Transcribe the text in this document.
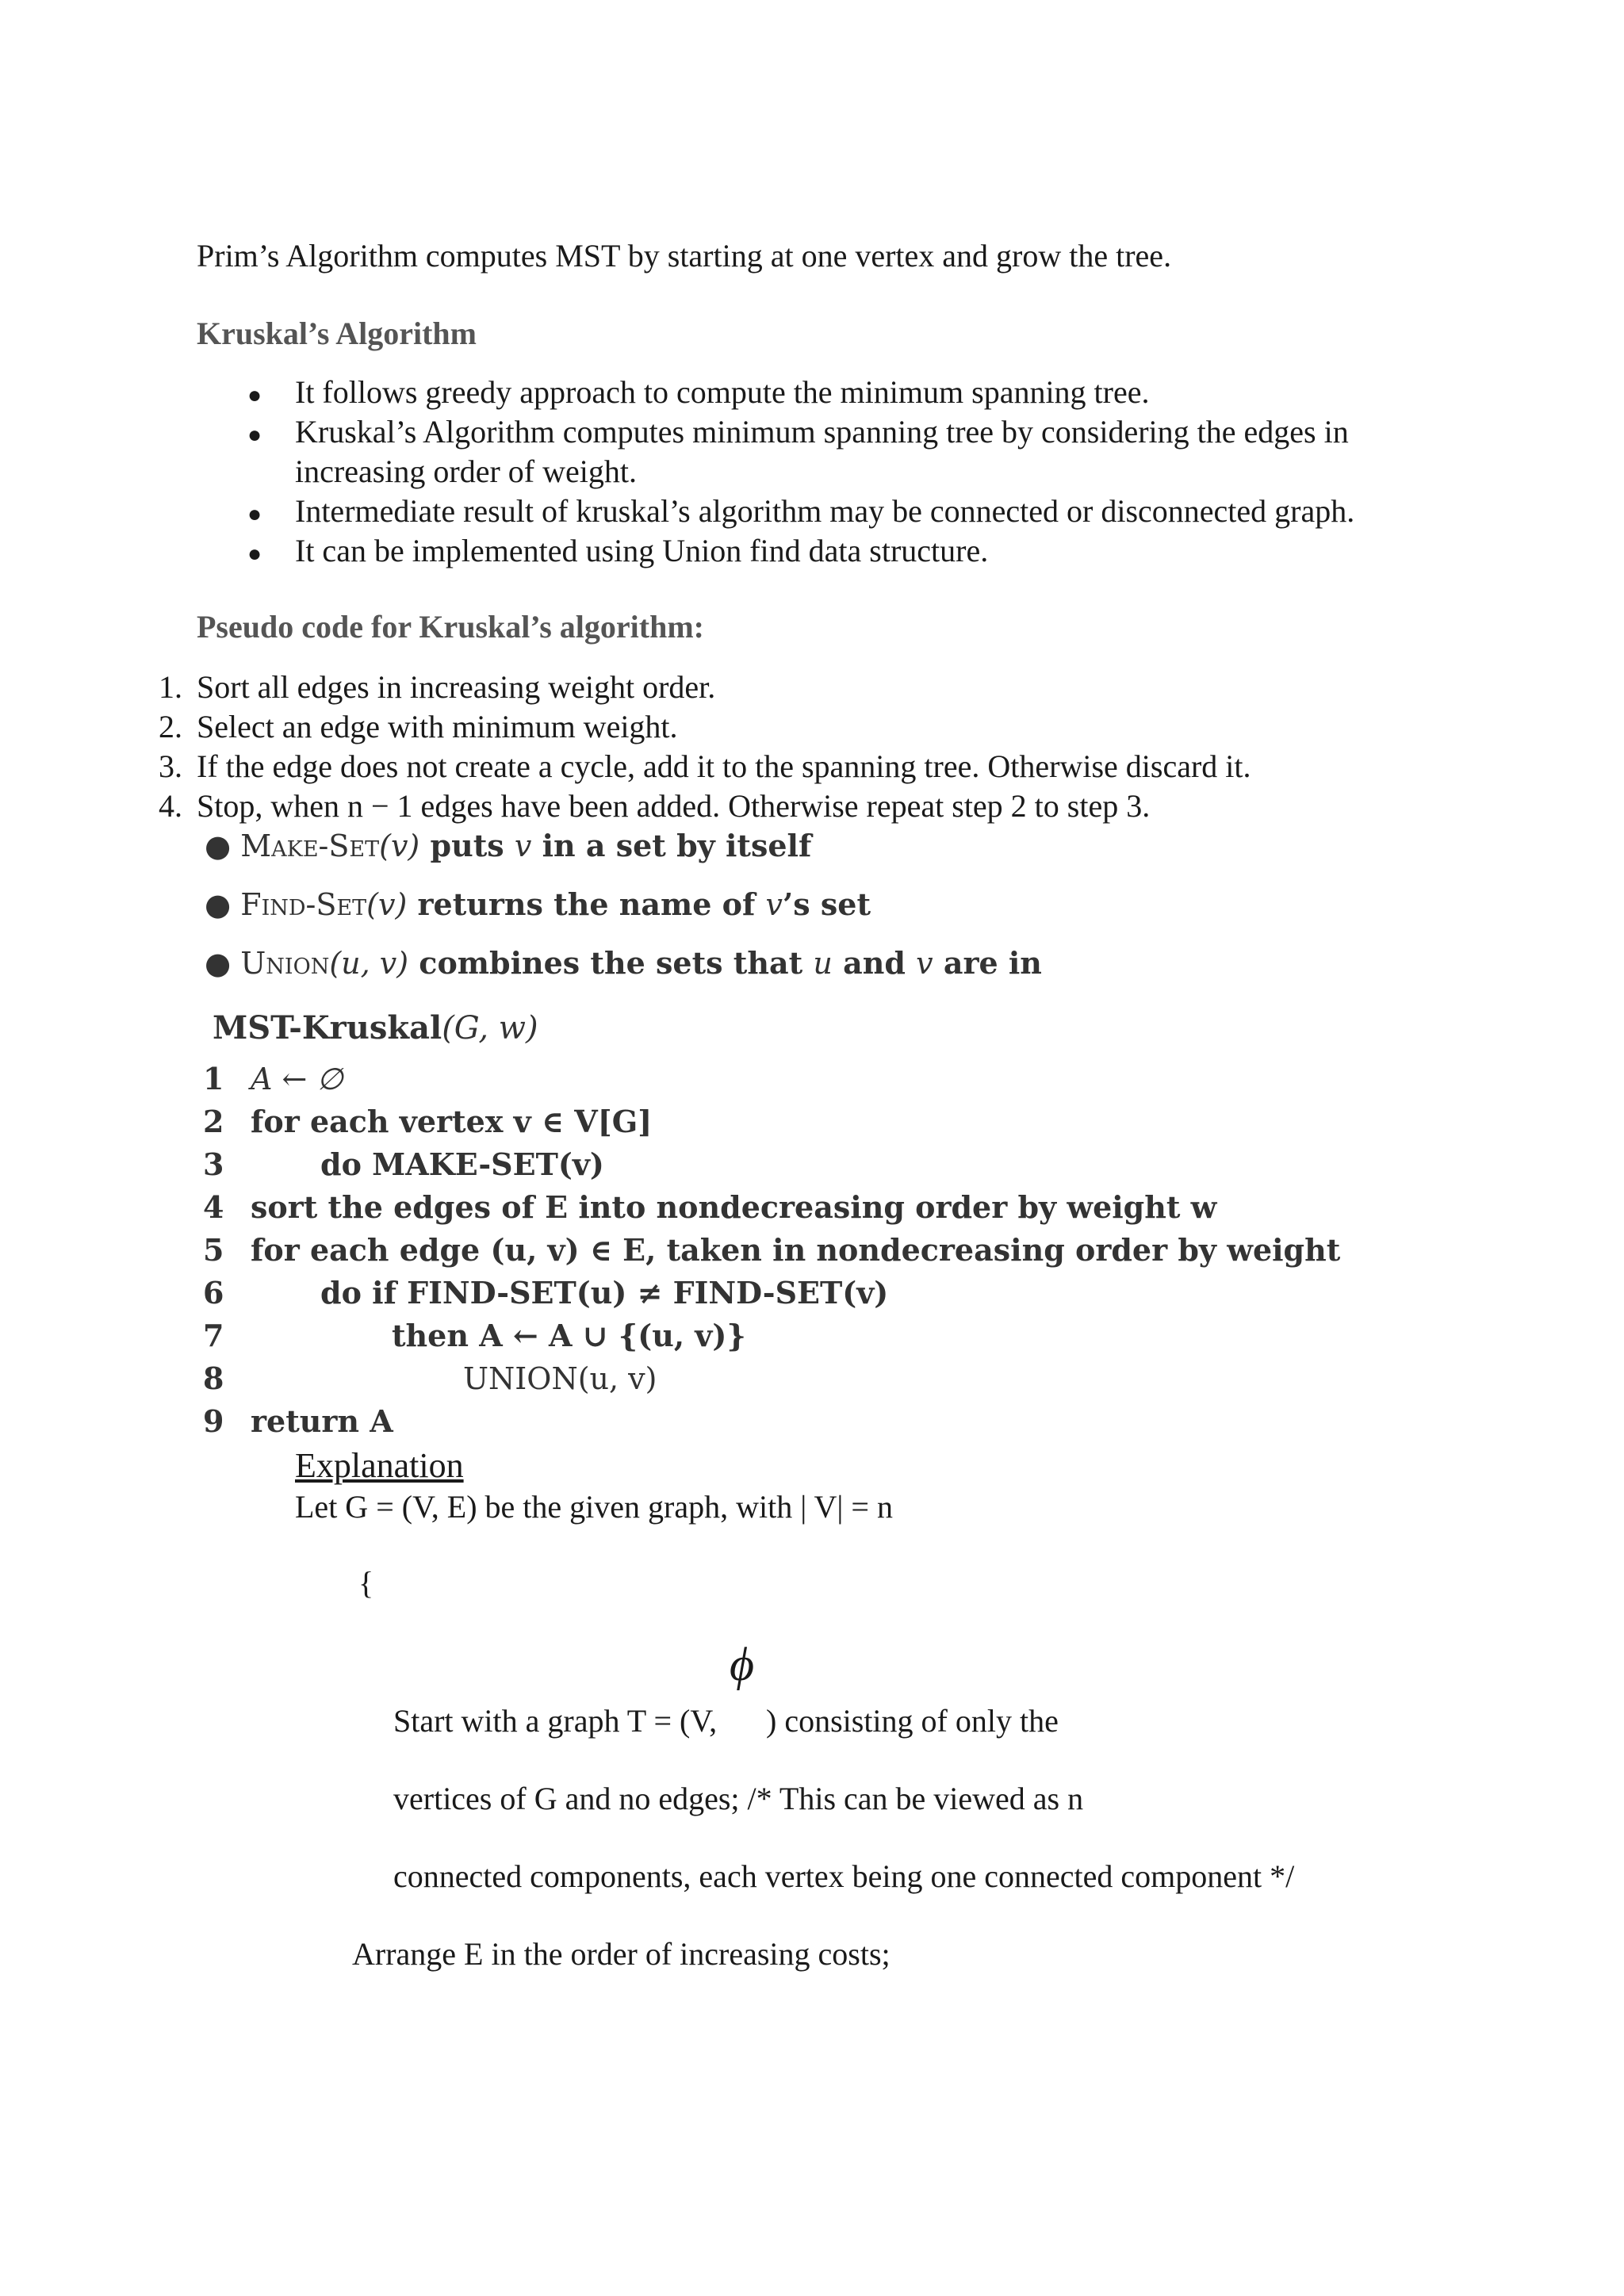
Prim’s Algorithm computes MST by starting at one vertex and grow the tree.
Kruskal’s Algorithm
● It follows greedy approach to compute the minimum spanning tree.
● Kruskal’s Algorithm computes minimum spanning tree by considering the edges in
increasing order of weight.
● Intermediate result of kruskal’s algorithm may be connected or disconnected graph.
● It can be implemented using Union find data structure.
Pseudo code for Kruskal’s algorithm:
1. Sort all edges in increasing weight order.
2. Select an edge with minimum weight.
3. If the edge does not create a cycle, add it to the spanning tree. Otherwise discard it.
4. Stop, when n − 1 edges have been added. Otherwise repeat step 2 to step 3.
● Make-Set(v) puts v in a set by itself
● Find-Set(v) returns the name of v’s set
● Union(u, v) combines the sets that u and v are in
MST-Kruskal(G, w)
1 A ← ∅
2 for each vertex v ∈ V[G]
3	do MAKE-SET(v)
4 sort the edges of E into nondecreasing order by weight w
5 for each edge (u, v) ∈ E, taken in nondecreasing order by weight
6	do if FIND-SET(u) ≠ FIND-SET(v)
7	then A ← A ∪ {(u, v)}
8	UNION(u, v)
9 return A
Explanation
Let G = (V, E) be the given graph, with | V| = n
{
ϕ
Start with a graph T = (V, ) consisting of only the
vertices of G and no edges; /* This can be viewed as n
connected components, each vertex being one connected component */
Arrange E in the order of increasing costs;
